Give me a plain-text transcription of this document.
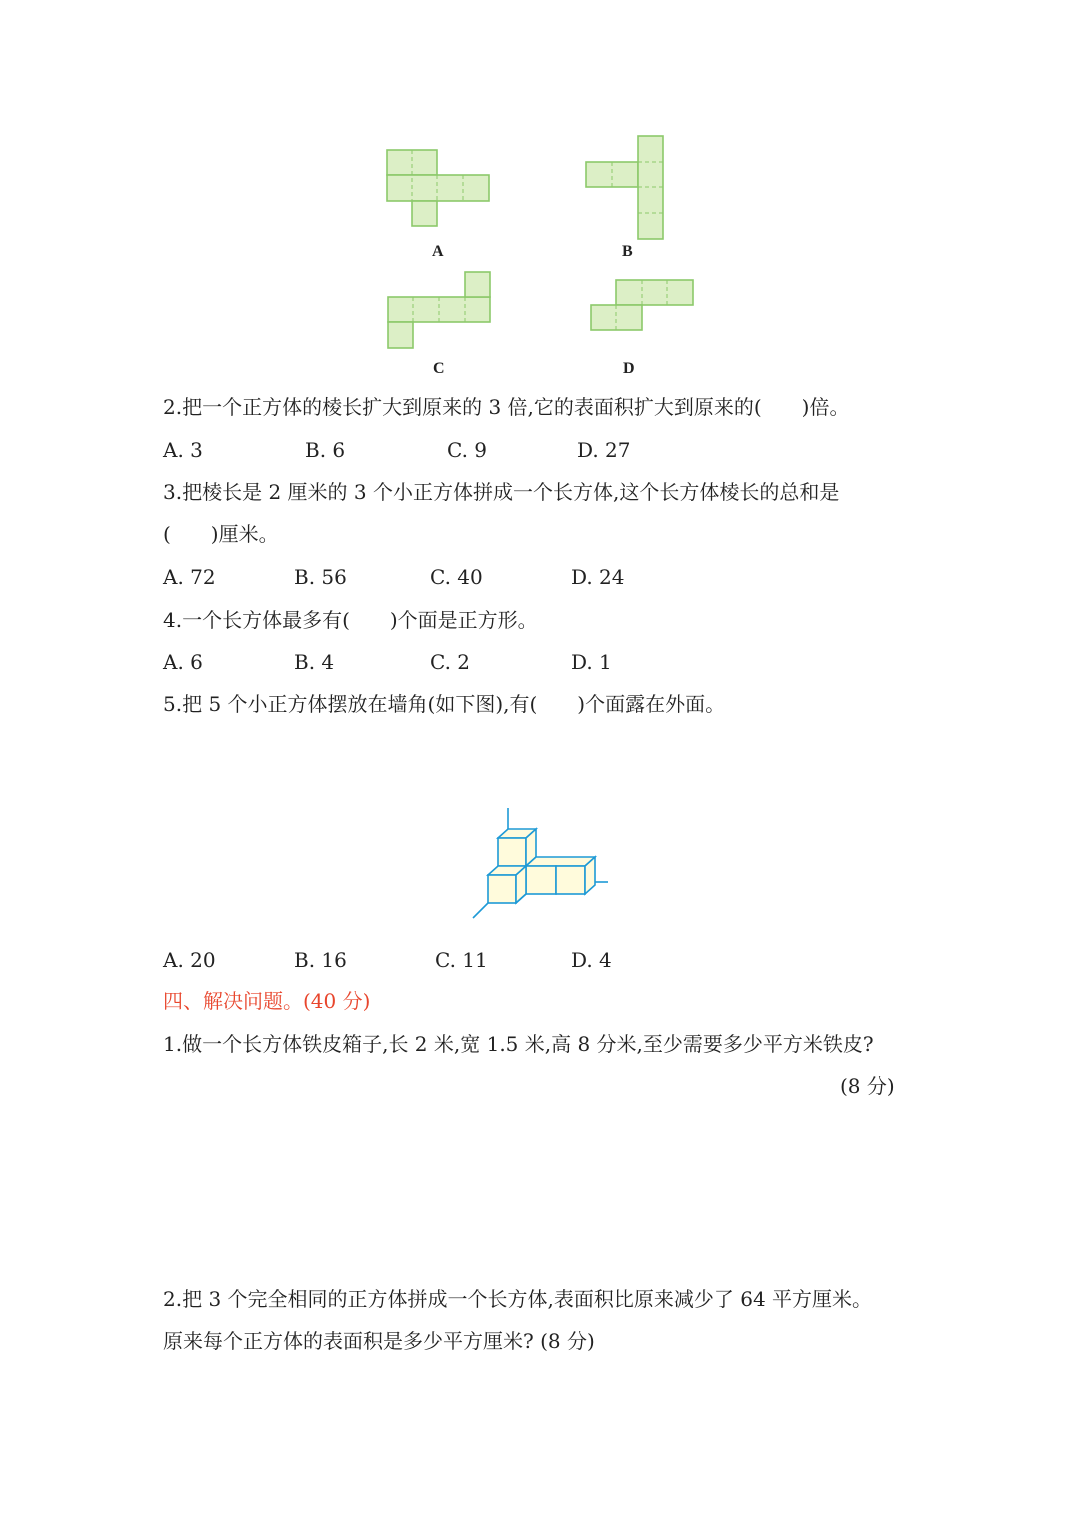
A	B
C	D
2.把一个正方体的棱长扩大到原来的 3 倍,它的表面积扩大到原来的(　　)倍。
A. 3	B. 6	C. 9	D. 27
3.把棱长是 2 厘米的 3 个小正方体拼成一个长方体,这个长方体棱长的总和是
(　　)厘米。
A. 72	B. 56	C. 40	D. 24
4.一个长方体最多有(　　)个面是正方形。
A. 6	B. 4	C. 2	D. 1
5.把 5 个小正方体摆放在墙角(如下图),有(　　)个面露在外面。
A. 20	B. 16	C. 11	D. 4
四、解决问题。(40 分)
1.做一个长方体铁皮箱子,长 2 米,宽 1.5 米,高 8 分米,至少需要多少平方米铁皮?
(8 分)
2.把 3 个完全相同的正方体拼成一个长方体,表面积比原来减少了 64 平方厘米。
原来每个正方体的表面积是多少平方厘米? (8 分)
